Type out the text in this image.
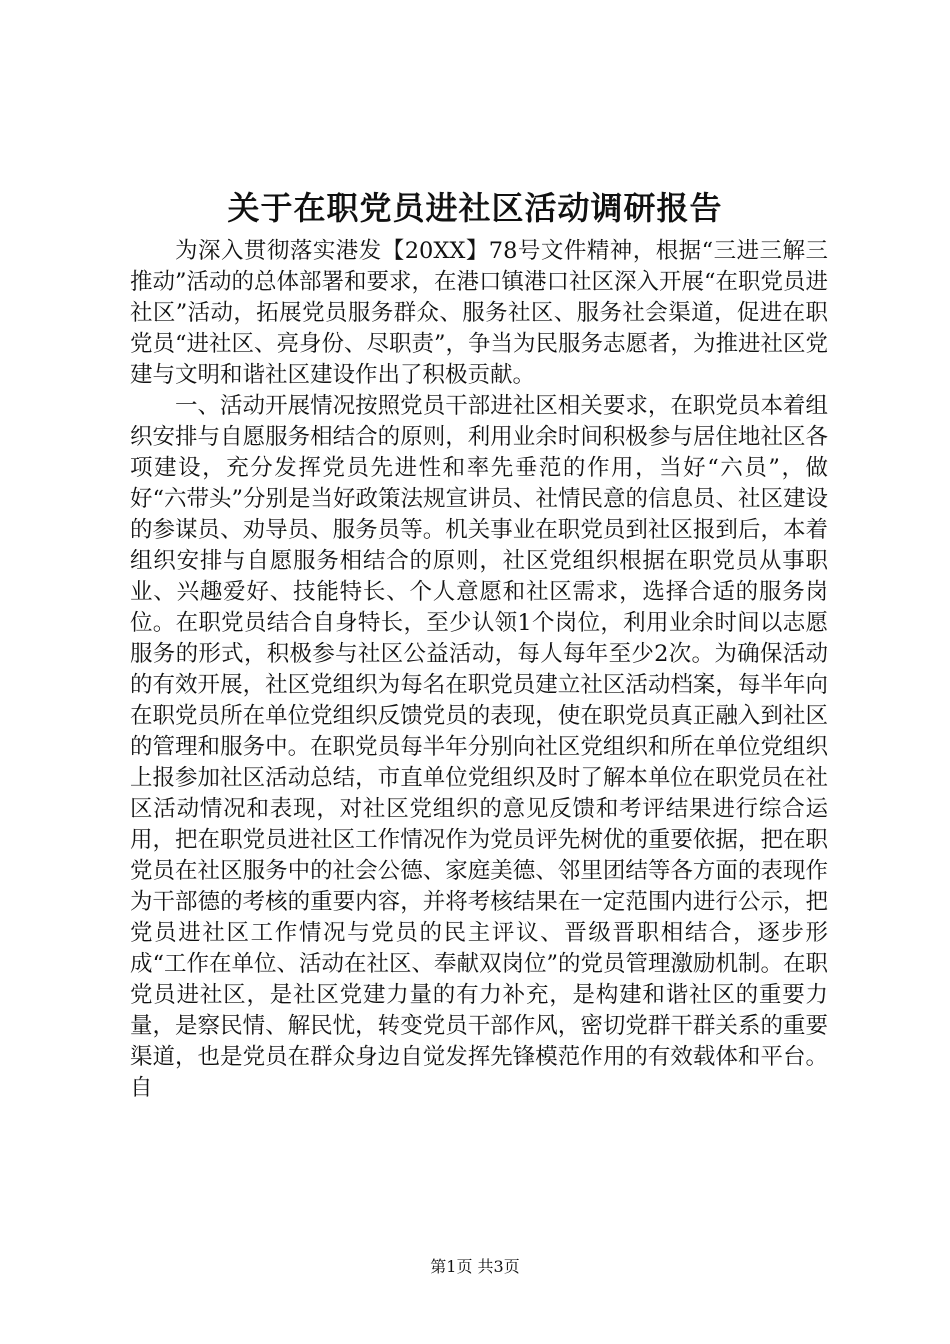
关于在职党员进社区活动调研报告

为深入贯彻落实港发【20XX】78号文件精神，根据“三进三解三推动”活动的总体部署和要求，在港口镇港口社区深入开展“在职党员进社区”活动，拓展党员服务群众、服务社区、服务社会渠道，促进在职党员“进社区、亮身份、尽职责”，争当为民服务志愿者，为推进社区党建与文明和谐社区建设作出了积极贡献。

一、活动开展情况按照党员干部进社区相关要求，在职党员本着组织安排与自愿服务相结合的原则，利用业余时间积极参与居住地社区各项建设，充分发挥党员先进性和率先垂范的作用，当好“六员”，做好“六带头”分别是当好政策法规宣讲员、社情民意的信息员、社区建设的参谋员、劝导员、服务员等。机关事业在职党员到社区报到后，本着组织安排与自愿服务相结合的原则，社区党组织根据在职党员从事职业、兴趣爱好、技能特长、个人意愿和社区需求，选择合适的服务岗位。在职党员结合自身特长，至少认领1个岗位，利用业余时间以志愿服务的形式，积极参与社区公益活动，每人每年至少2次。为确保活动的有效开展，社区党组织为每名在职党员建立社区活动档案，每半年向在职党员所在单位党组织反馈党员的表现，使在职党员真正融入到社区的管理和服务中。在职党员每半年分别向社区党组织和所在单位党组织上报参加社区活动总结，市直单位党组织及时了解本单位在职党员在社区活动情况和表现，对社区党组织的意见反馈和考评结果进行综合运用，把在职党员进社区工作情况作为党员评先树优的重要依据，把在职党员在社区服务中的社会公德、家庭美德、邻里团结等各方面的表现作为干部德的考核的重要内容，并将考核结果在一定范围内进行公示，把党员进社区工作情况与党员的民主评议、晋级晋职相结合，逐步形成“工作在单位、活动在社区、奉献双岗位”的党员管理激励机制。在职党员进社区，是社区党建力量的有力补充，是构建和谐社区的重要力量，是察民情、解民忧，转变党员干部作风，密切党群干群关系的重要渠道，也是党员在群众身边自觉发挥先锋模范作用的有效载体和平台。自

第1页 共3页
